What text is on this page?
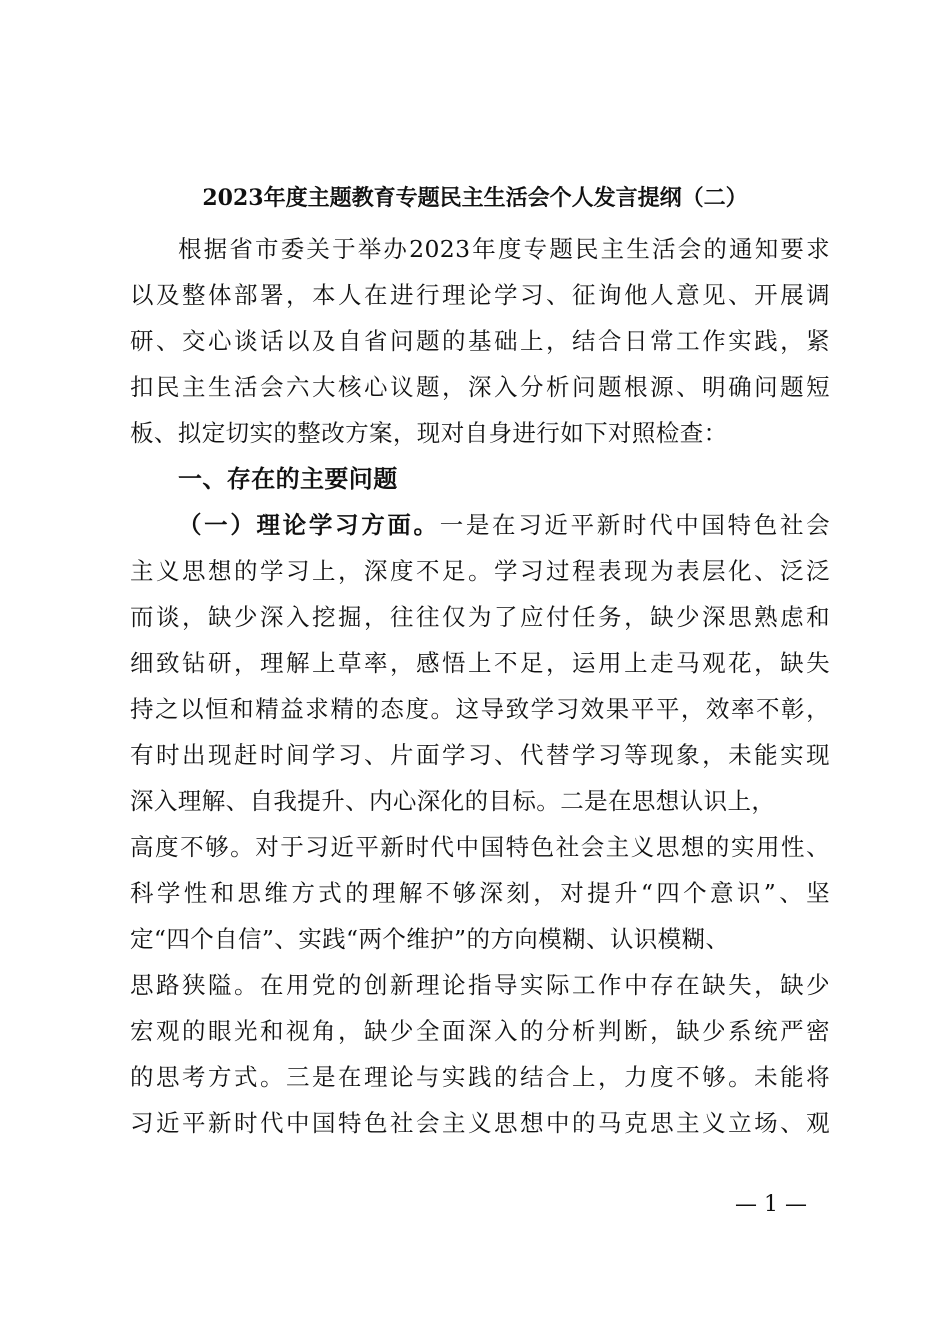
2023年度主题教育专题民主生活会个人发言提纲（二）
根据省市委关于举办2023年度专题民主生活会的通知要求
以及整体部署，本人在进行理论学习、征询他人意见、开展调
研、交心谈话以及自省问题的基础上，结合日常工作实践，紧
扣民主生活会六大核心议题，深入分析问题根源、明确问题短
板、拟定切实的整改方案，现对自身进行如下对照检查：
一、存在的主要问题
（一）理论学习方面。一是在习近平新时代中国特色社会
主义思想的学习上，深度不足。学习过程表现为表层化、泛泛
而谈，缺少深入挖掘，往往仅为了应付任务，缺少深思熟虑和
细致钻研，理解上草率，感悟上不足，运用上走马观花，缺失
持之以恒和精益求精的态度。这导致学习效果平平，效率不彰，
有时出现赶时间学习、片面学习、代替学习等现象，未能实现
深入理解、自我提升、内心深化的目标。二是在思想认识上，
高度不够。对于习近平新时代中国特色社会主义思想的实用性、
科学性和思维方式的理解不够深刻，对提升“四个意识”、坚
定“四个自信”、实践“两个维护”的方向模糊、认识模糊、
思路狭隘。在用党的创新理论指导实际工作中存在缺失，缺少
宏观的眼光和视角，缺少全面深入的分析判断，缺少系统严密
的思考方式。三是在理论与实践的结合上，力度不够。未能将
习近平新时代中国特色社会主义思想中的马克思主义立场、观
— 1 —
